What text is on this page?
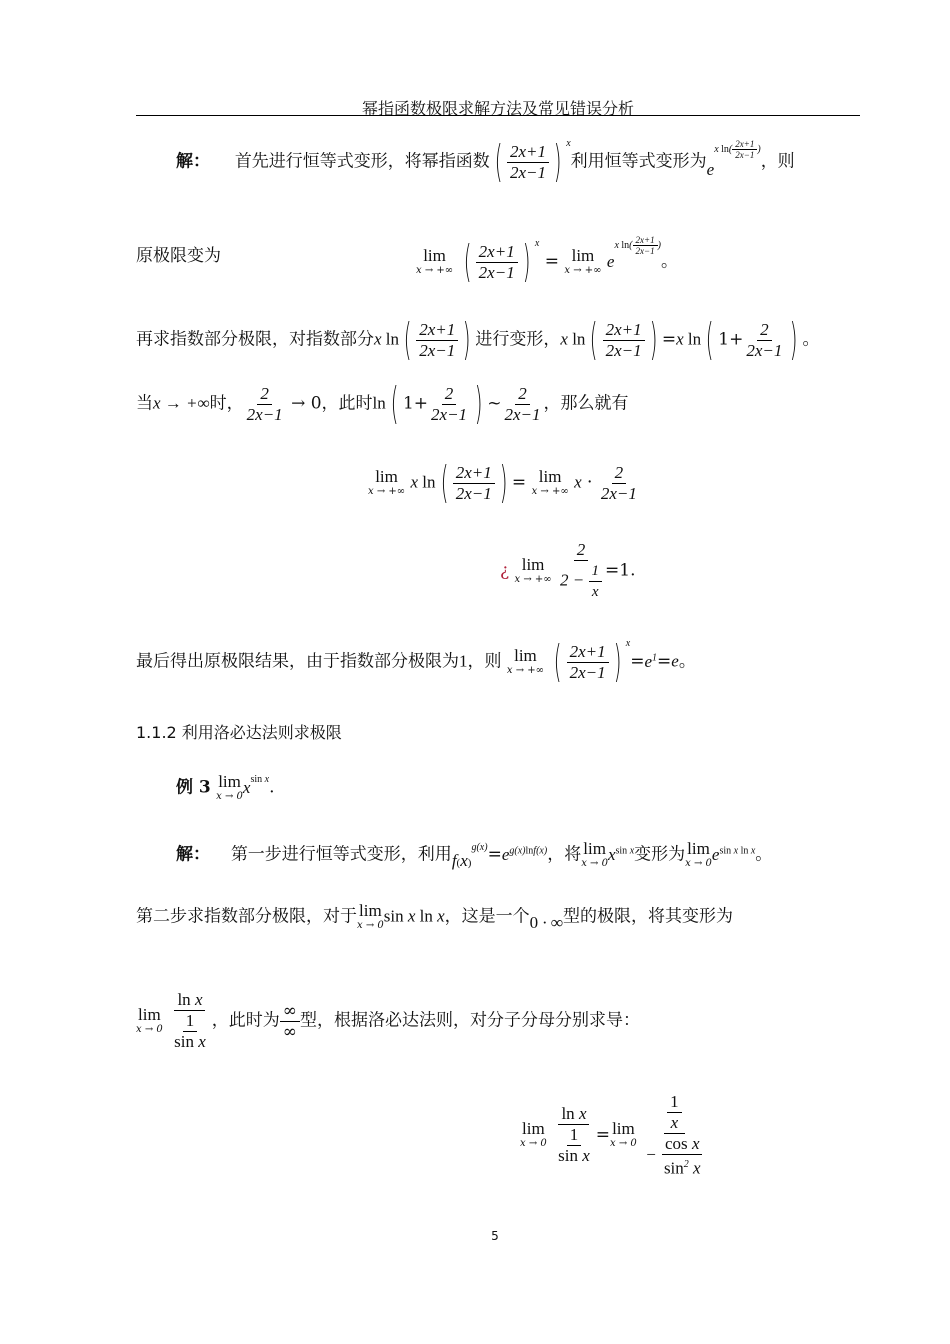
幂指函数极限求解方法及常见错误分析
解： 首先进行恒等式变形，将幂指函数 ( $\frac{2x+1}{2x-1}$ ) $^x$利用恒等式变形为$e^{x ln( \frac{2x+1}{2x-1} )}$，则
原极限变为	lim
x → +∞ ( $\frac{2x+1}{2x-1}$ ) $^x$ = lim
x → +∞ $e^{x ln( \frac{2x+1}{2x-1} )}$。
再求指数部分极限，对指数部分x ln ( $\frac{2x+1}{2x-1}$ ) 进行变形，x ln ( $\frac{2x+1}{2x-1}$ ) =x ln ( $1+ \frac{2}{2x-1}$ ) 。
当x → +∞时， $\frac{2}{2x-1} \to 0$，此时ln ( $1+ \frac{2}{2x-1}$ ) ~ $\frac{2}{2x-1}$ ，那么就有
lim
x → +∞ x ln ( $\frac{2x+1}{2x-1}$ ) = lim
x → +∞ $x \cdot \frac{2}{2x-1}$
¿ lim
x → +∞
$\frac{2}{2 - \frac{1}{x}} =1$.
最后得出原极限结果，由于指数部分极限为1，则 lim
x → +∞ ( $\frac{2x+1}{2x-1}$ ) $^x=e^1=e$。
1.1.2 利用洛必达法则求极限
例 3 lim
x → 0 $x^{sin x}$.
解： 第一步进行恒等式变形，利用$f(x)^{g(x)}=e^{g(x)lnf(x)}$，将 lim
x → 0 $x^{sin x}$变形为 lim
x → 0 $e^{sin x ln x}$。
第二步求指数部分极限，对于 lim
x → 0 sin x ln x，这是一个0 · ∞型的极限，将其变形为
lim
x → 0
$\frac{\text{ln x}}{\frac{1}{\text{sin x}}}$ ，此时为 $\frac{\infty}{\infty}$ 型，根据洛必达法则，对分子分母分别求导：
lim
x → 0
$\frac{\text{ln x}}{\frac{1}{\text{sin x}}} = \lim$
x → 0
$\frac{\frac{1}{x}}{- \frac{\text{cos x}}{\sin^2 x}}$
5
